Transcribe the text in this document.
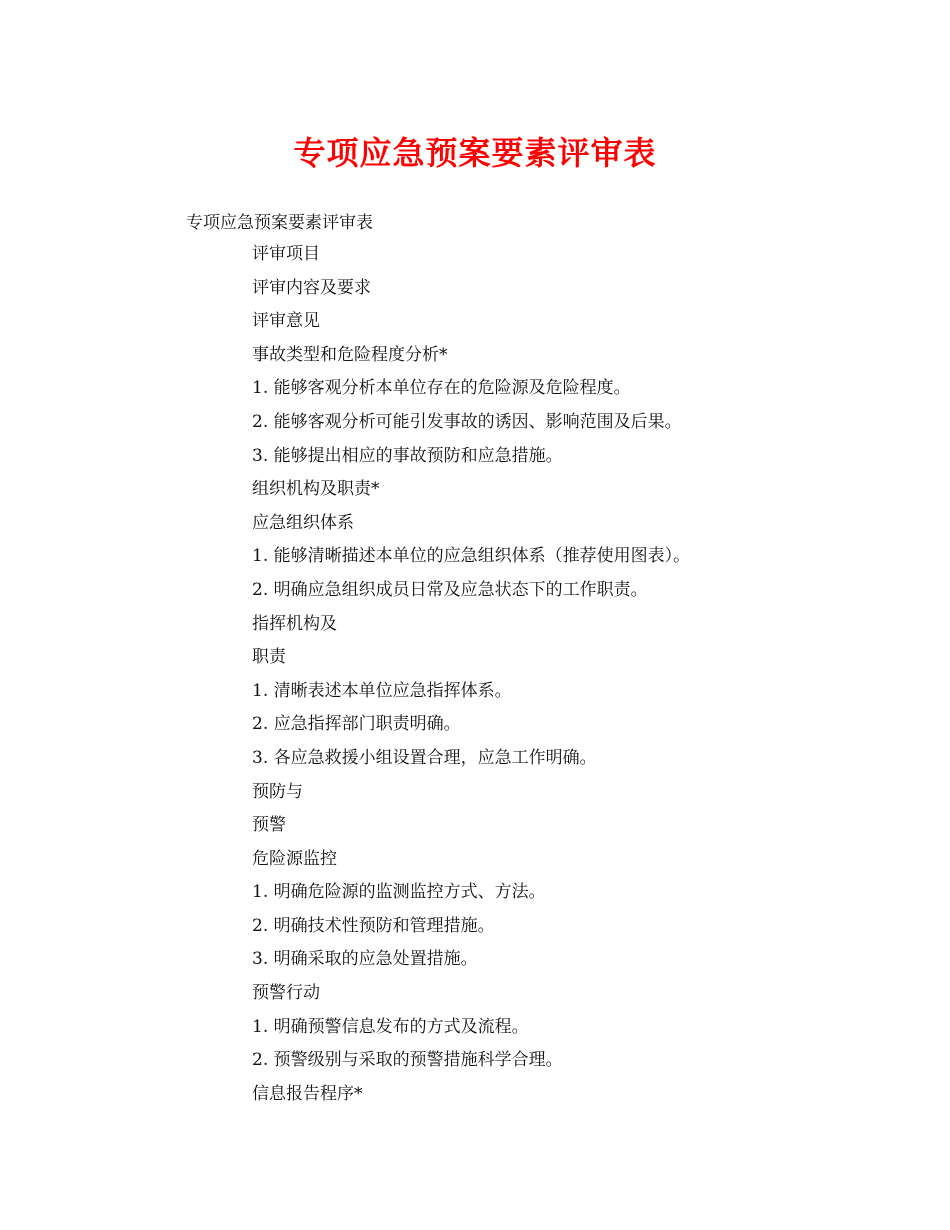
专项应急预案要素评审表

专项应急预案要素评审表

评审项目
评审内容及要求
评审意见
事故类型和危险程度分析*
1. 能够客观分析本单位存在的危险源及危险程度。
2. 能够客观分析可能引发事故的诱因、影响范围及后果。
3. 能够提出相应的事故预防和应急措施。
组织机构及职责*
应急组织体系
1. 能够清晰描述本单位的应急组织体系（推荐使用图表）。
2. 明确应急组织成员日常及应急状态下的工作职责。
指挥机构及
职责
1. 清晰表述本单位应急指挥体系。
2. 应急指挥部门职责明确。
3. 各应急救援小组设置合理，应急工作明确。
预防与
预警
危险源监控
1. 明确危险源的监测监控方式、方法。
2. 明确技术性预防和管理措施。
3. 明确采取的应急处置措施。
预警行动
1. 明确预警信息发布的方式及流程。
2. 预警级别与采取的预警措施科学合理。
信息报告程序*
